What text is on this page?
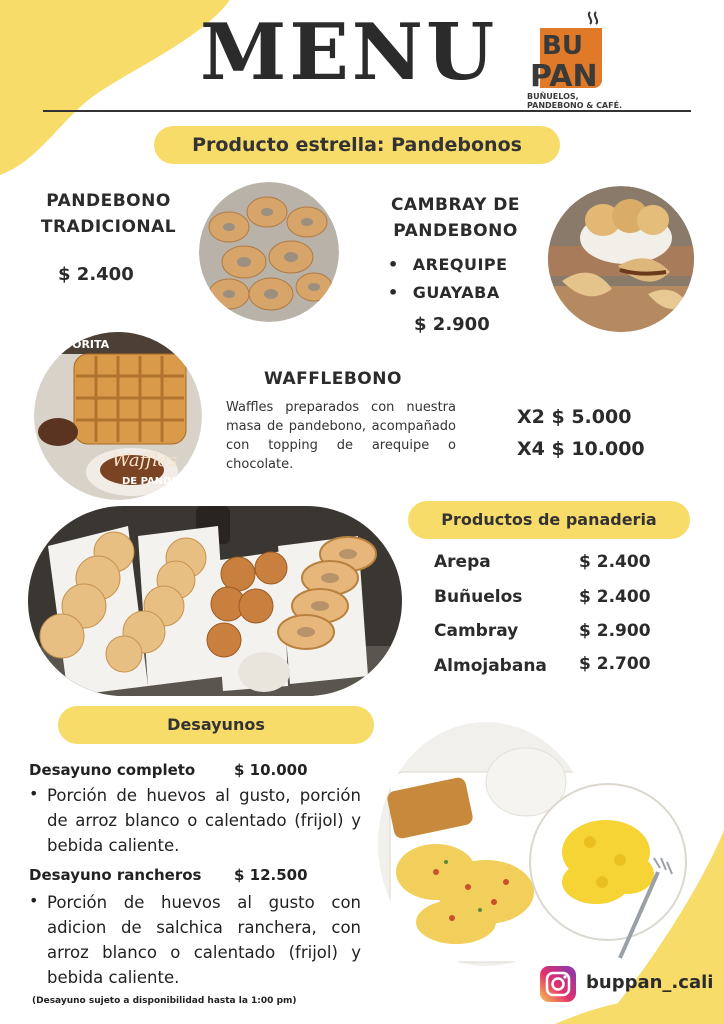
MENU BU
PAN
BUÑUELOS,
PANDEBONO & CAFÉ.
Producto estrella: Pandebonos
PANDEBONO
TRADICIONAL
$ 2.400
CAMBRAY DE
PANDEBONO
• AREQUIPE
• GUAYABA
$ 2.900
AVORITA
Waffles
DE PANDE
WAFFLEBONO
Waffles preparados con nuestra masa de pandebono, acompañado con topping de arequipe o chocolate.
X2 $ 5.000
X4 $ 10.000
Productos de panaderia
Arepa	$ 2.400
Buñuelos	$ 2.400
Cambray	$ 2.900
Almojabana $ 2.700
Desayunos
Desayuno completo	$ 10.000
• Porción de huevos al gusto, porción de arroz blanco o calentado (frijol) y bebida caliente.
Desayuno rancheros $ 12.500
• Porción de huevos al gusto con adicion de salchica ranchera, con arroz blanco o calentado (frijol) y bebida caliente.
(Desayuno sujeto a disponibilidad hasta la 1:00 pm)
buppan_.cali
